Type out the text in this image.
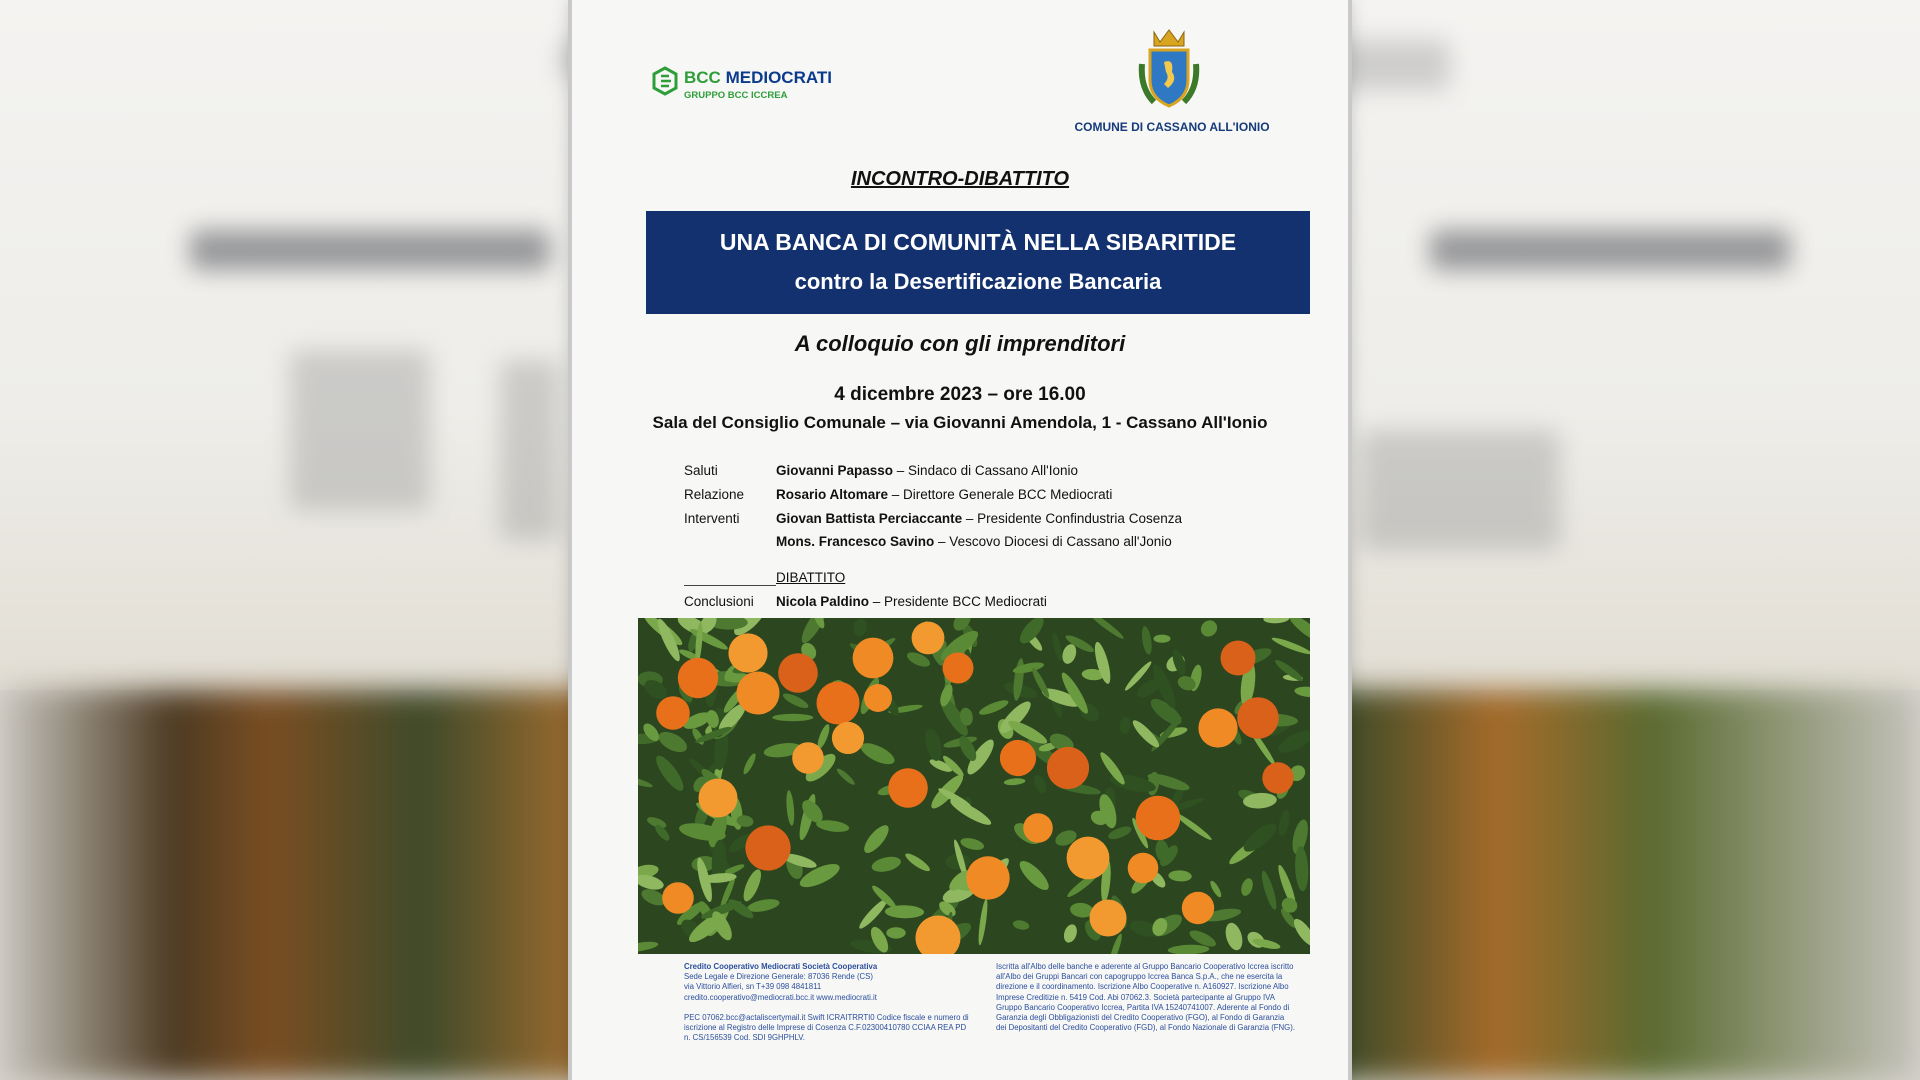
BCC MEDIOCRATI
GRUPPO BCC ICCREA
COMUNE DI CASSANO ALL'IONIO
INCONTRO-DIBATTITO
UNA BANCA DI COMUNITÀ NELLA SIBARITIDE
contro la Desertificazione Bancaria
A colloquio con gli imprenditori
4 dicembre 2023 – ore 16.00
Sala del Consiglio Comunale – via Giovanni Amendola, 1 - Cassano All'Ionio
Saluti	Giovanni Papasso – Sindaco di Cassano All'Ionio
Relazione Rosario Altomare – Direttore Generale BCC Mediocrati
Interventi	Giovan Battista Perciaccante – Presidente Confindustria Cosenza
Mons. Francesco Savino – Vescovo Diocesi di Cassano all'Jonio
DIBATTITO
Conclusioni Nicola Paldino – Presidente BCC Mediocrati

Credito Cooperativo Mediocrati Società Cooperativa
Sede Legale e Direzione Generale: 87036 Rende (CS)
via Vittorio Alfieri, sn T+39 098 4841811
credito.cooperativo@mediocrati.bcc.it www.mediocrati.it

PEC 07062.bcc@actaliscertymail.it Swift ICRAITRRTI0 Codice fiscale e numero di iscrizione al Registro delle Imprese di Cosenza C.F.02300410780 CCIAA REA PD n. CS/156539 Cod. SDI 9GHPHLV.

Iscritta all'Albo delle banche e aderente al Gruppo Bancario Cooperativo Iccrea iscritto all'Albo dei Gruppi Bancari con capogruppo Iccrea Banca S.p.A., che ne esercita la direzione e il coordinamento. Iscrizione Albo Cooperative n. A160927. Iscrizione Albo Imprese Creditizie n. 5419 Cod. Abi 07062.3. Società partecipante al Gruppo IVA Gruppo Bancario Cooperativo Iccrea, Partita IVA 15240741007. Aderente al Fondo di Garanzia degli Obbligazionisti del Credito Cooperativo (FGO), al Fondo di Garanzia dei Depositanti del Credito Cooperativo (FGD), al Fondo Nazionale di Garanzia (FNG).
